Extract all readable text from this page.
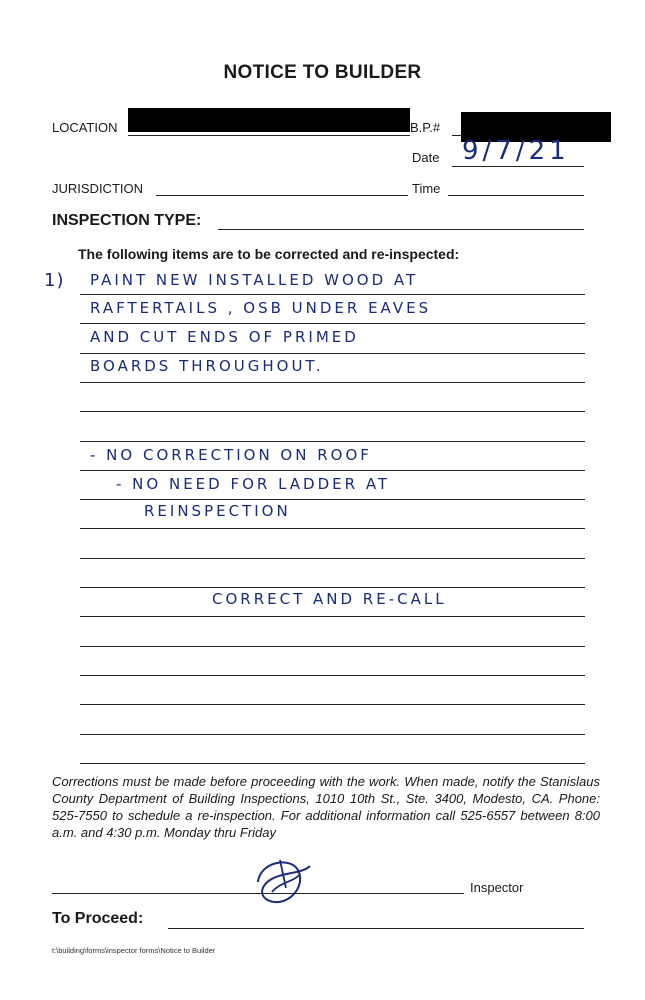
NOTICE TO BUILDER
LOCATION	B.P.#
Date 9/7/21
JURISDICTION	Time
INSPECTION TYPE:
The following items are to be corrected and re-inspected:
1) PAINT NEW INSTALLED WOOD AT
RAFTERTAILS , OSB UNDER EAVES
AND CUT ENDS OF PRIMED
BOARDS THROUGHOUT.
- NO CORRECTION ON ROOF
- NO NEED FOR LADDER AT
REINSPECTION
CORRECT AND RE-CALL
Corrections must be made before proceeding with the work. When made, notify the Stanislaus County Department of Building Inspections, 1010 10th St., Ste. 3400, Modesto, CA. Phone: 525-7550 to schedule a re-inspection. For additional information call 525-6557 between 8:00 a.m. and 4:30 p.m. Monday thru Friday
Inspector
To Proceed:
t:\building\forms\inspector forms\Notice to Builder
